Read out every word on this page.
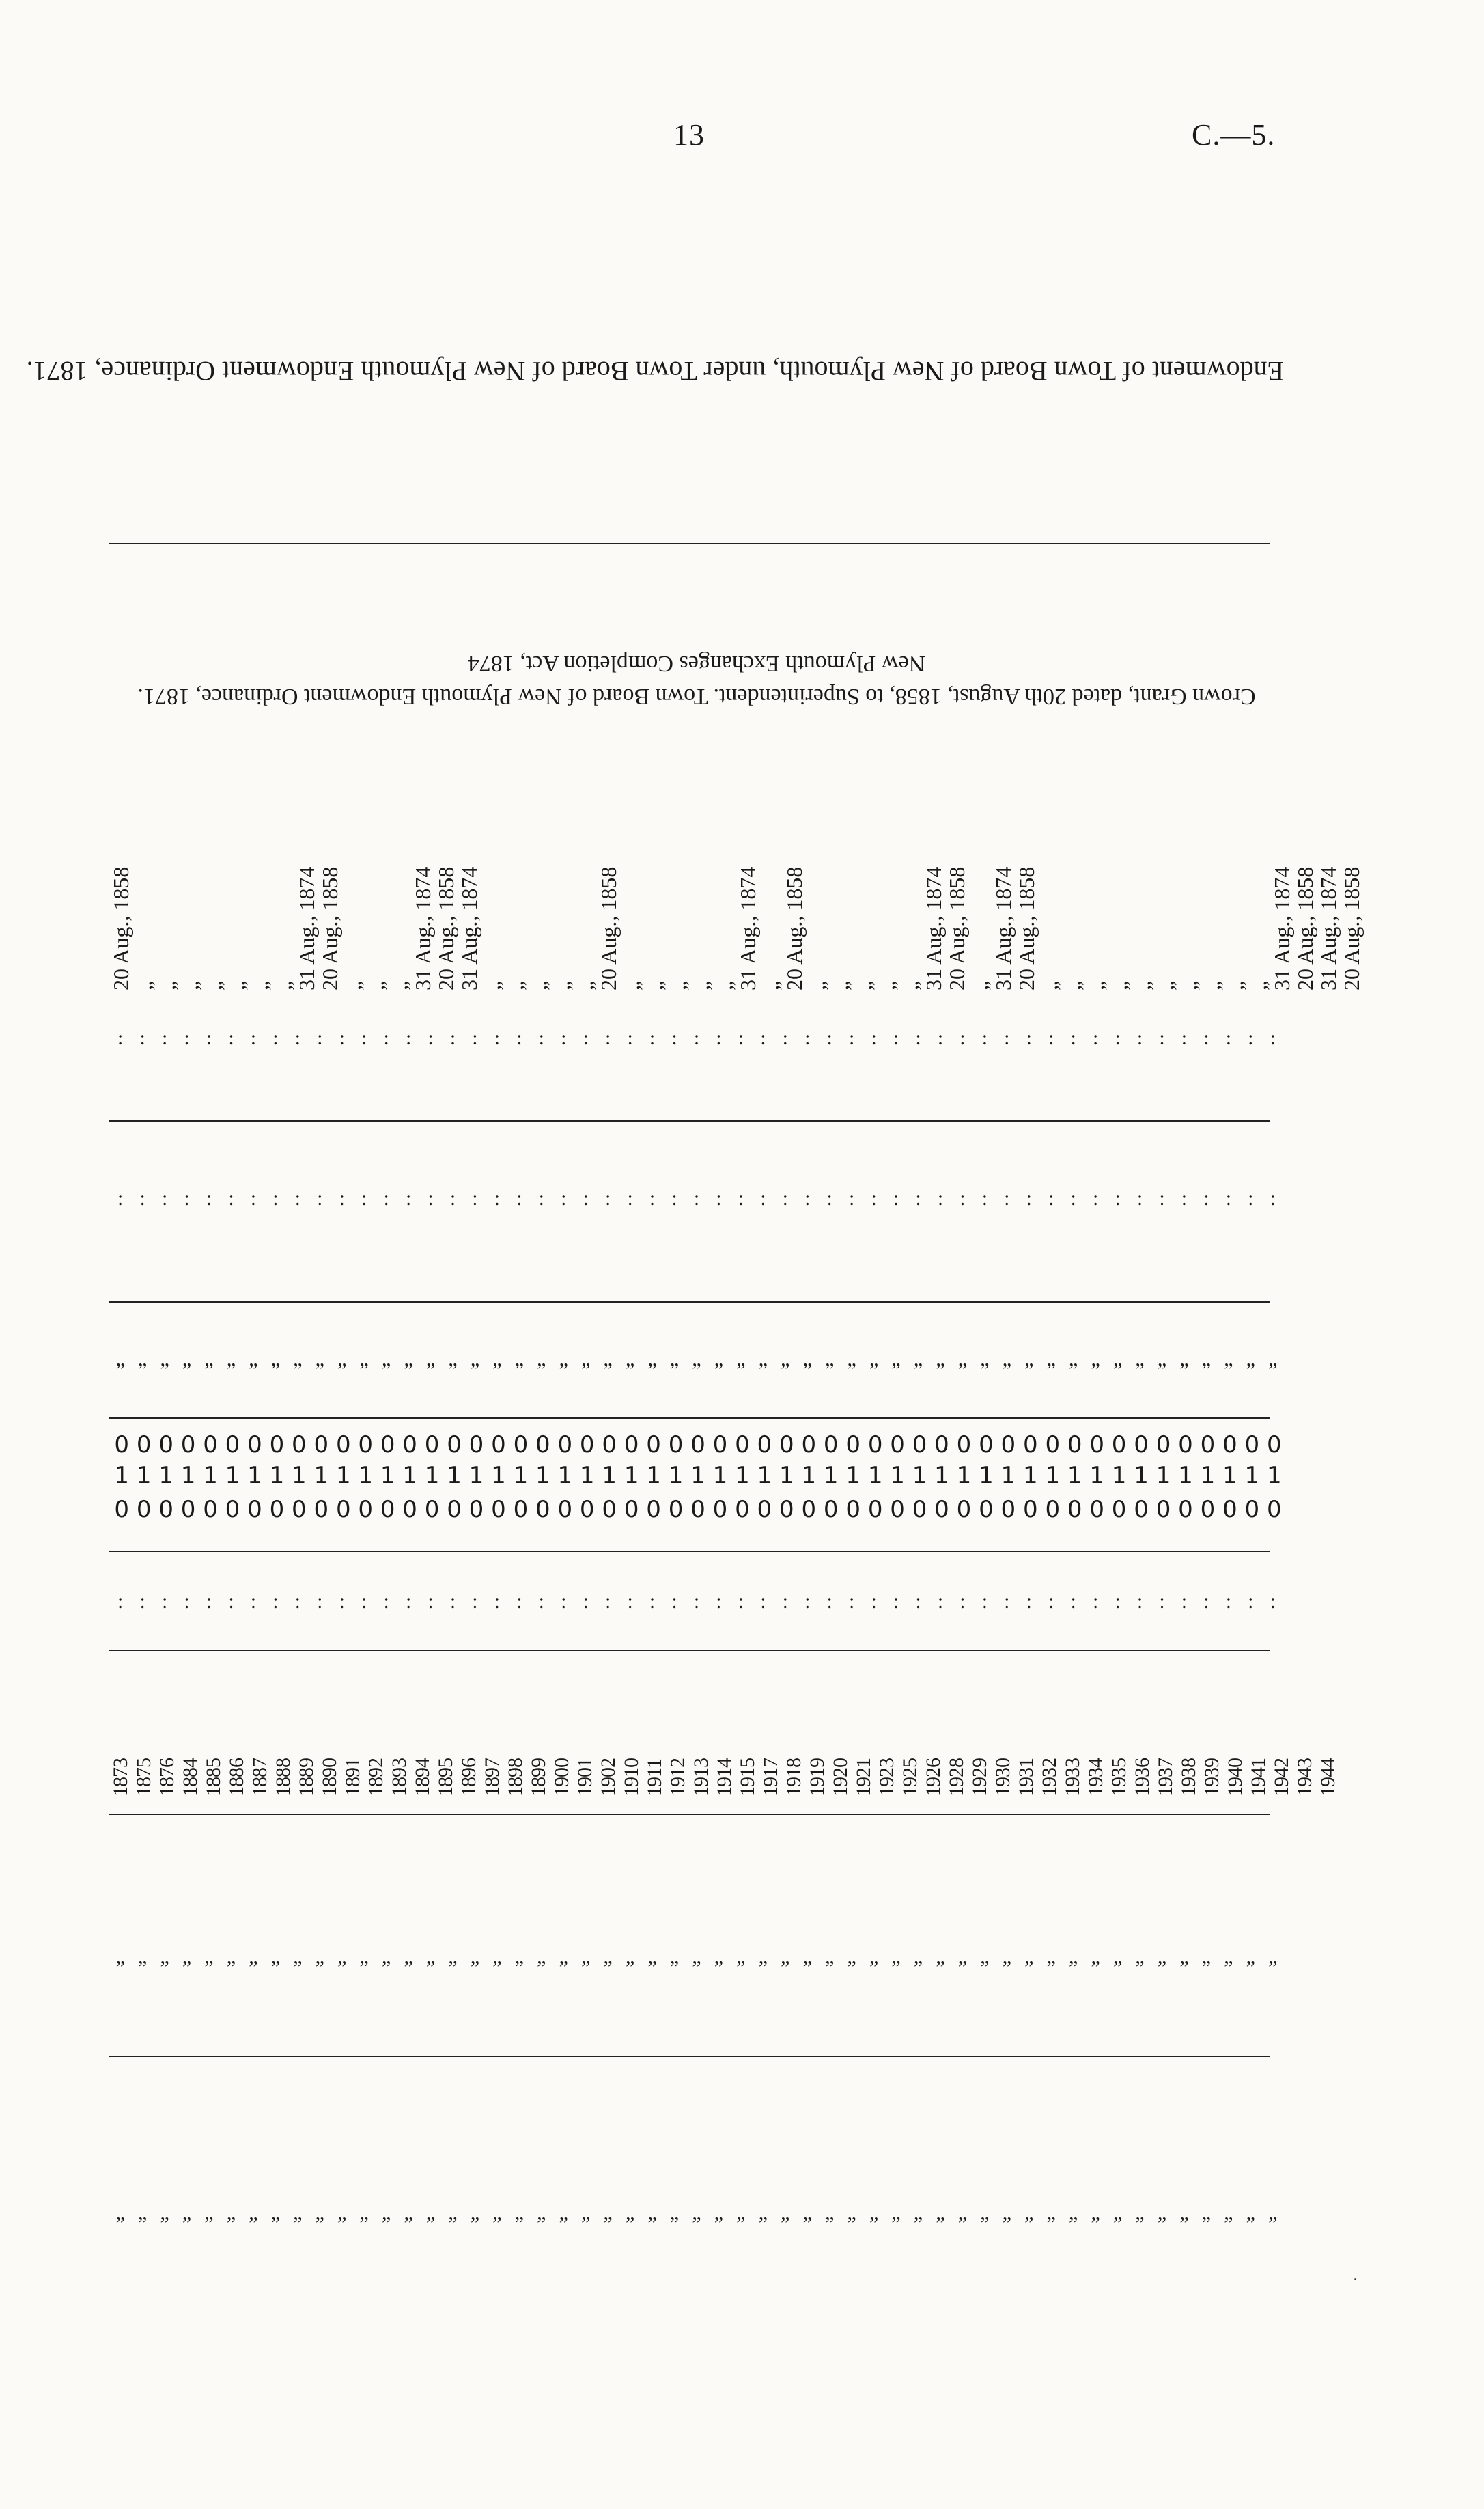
13	C.—5.
Endowment of Town Board of New Plymouth, under Town Board of New Plymouth Endowment Ordinance, 1871.
Crown Grant, dated 20th August, 1858, to Superintendent. Town Board of New Plymouth Endowment Ordinance, 1871.
New Plymouth Exchanges Completion Act, 1874
20 Aug., 1858
„
„
„
„
„
„
„
31 Aug., 1874
20 Aug., 1858
„
„
„
31 Aug., 1874
20 Aug., 1858
31 Aug., 1874
„
„
„
„
„
20 Aug., 1858
„
„
„
„
„
31 Aug., 1874
„
20 Aug., 1858
„
„
„
„
„
31 Aug., 1874
20 Aug., 1858
„
31 Aug., 1874
20 Aug., 1858
„
„
„
„
„
„
„
„
„
„
31 Aug., 1874
20 Aug., 1858
31 Aug., 1874
20 Aug., 1858
: : : : : : : : : : : : : : : : : : : : : : : : : : : : : : : : : : : : : : : : : : : : : : : : : : : : :
: : : : : : : : : : : : : : : : : : : : : : : : : : : : : : : : : : : : : : : : : : : : : : : : : : : : :
„ „ „ „ „ „ „ „ „ „ „ „ „ „ „ „ „ „ „ „ „ „ „ „ „ „ „ „ „ „ „ „ „ „ „ „ „ „ „ „ „ „ „ „ „ „ „ „ „ „ „ „ „
0 0 0 0 0 0 0 0 0 0 0 0 0 0 0 0 0 0 0 0 0 0 0 0 0 0 0 0 0 0 0 0 0 0 0 0 0 0 0 0 0 0 0 0 0 0 0 0 0 0 0 0 0
1 1 1 1 1 1 1 1 1 1 1 1 1 1 1 1 1 1 1 1 1 1 1 1 1 1 1 1 1 1 1 1 1 1 1 1 1 1 1 1 1 1 1 1 1 1 1 1 1 1 1 1 1
0 0 0 0 0 0 0 0 0 0 0 0 0 0 0 0 0 0 0 0 0 0 0 0 0 0 0 0 0 0 0 0 0 0 0 0 0 0 0 0 0 0 0 0 0 0 0 0 0 0 0 0 0
: : : : : : : : : : : : : : : : : : : : : : : : : : : : : : : : : : : : : : : : : : : : : : : : : : : : :
1873 1875 1876 1884 1885 1886 1887 1888 1889 1890 1891 1892 1893 1894 1895 1896 1897 1898 1899 1900 1901 1902 1910 1911 1912 1913 1914 1915 1917 1918 1919 1920 1921 1923 1925 1926 1928 1929 1930 1931 1932 1933 1934 1935 1936 1937 1938 1939 1940 1941 1942 1943 1944
„ „ „ „ „ „ „ „ „ „ „ „ „ „ „ „ „ „ „ „ „ „ „ „ „ „ „ „ „ „ „ „ „ „ „ „ „ „ „ „ „ „ „ „ „ „ „ „ „ „ „ „ „
„ „ „ „ „ „ „ „ „ „ „ „ „ „ „ „ „ „ „ „ „ „ „ „ „ „ „ „ „ „ „ „ „ „ „ „ „ „ „ „ „ „ „ „ „ „ „ „ „ „ „ „ „
˙
